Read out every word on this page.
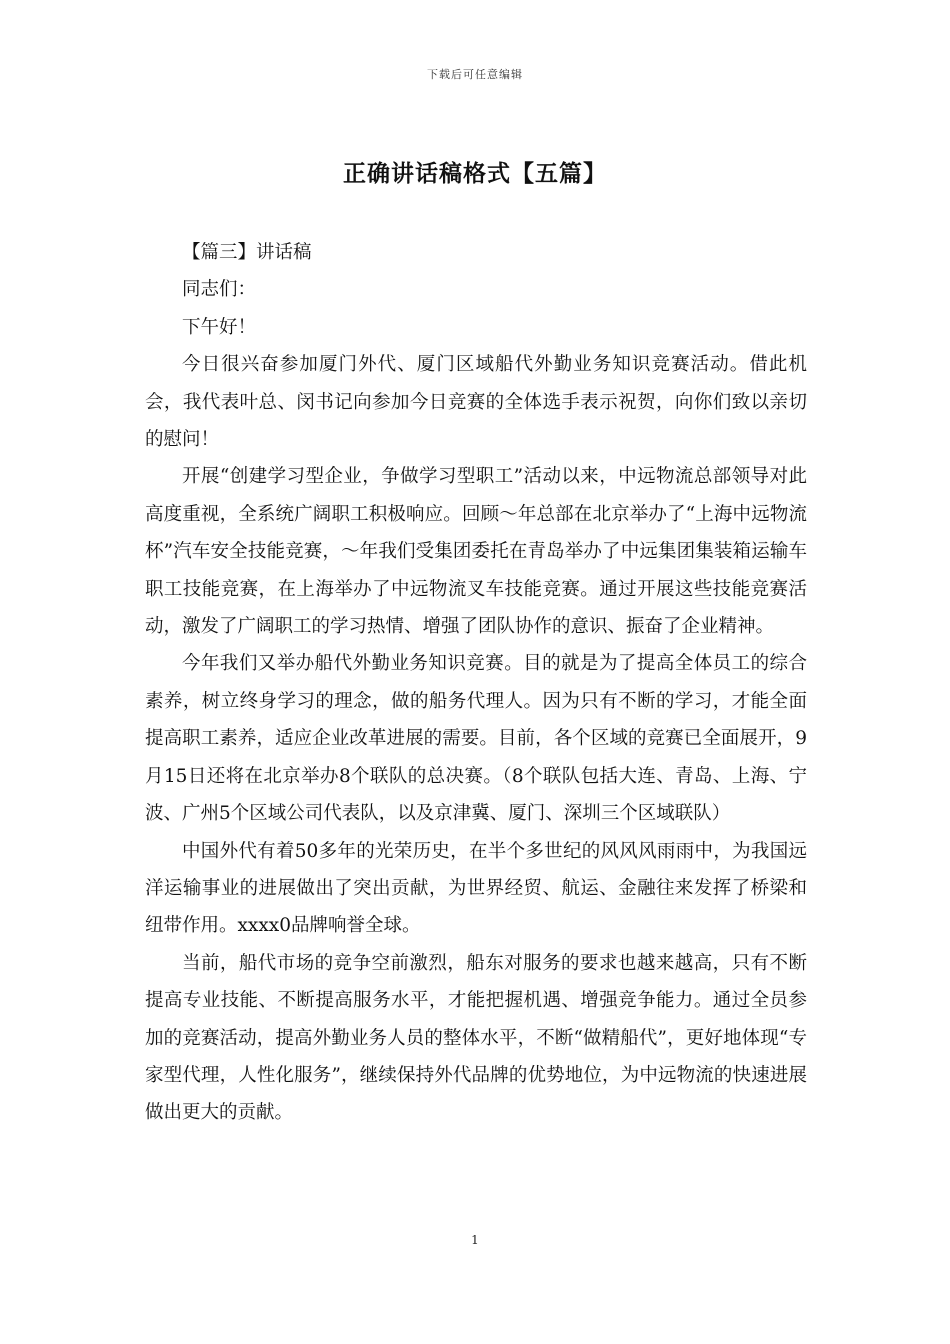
下载后可任意编辑
正确讲话稿格式【五篇】

【篇三】讲话稿

同志们：

下午好！

今日很兴奋参加厦门外代、厦门区域船代外勤业务知识竞赛活动。借此机会，我代表叶总、闵书记向参加今日竞赛的全体选手表示祝贺，向你们致以亲切的慰问！

开展“创建学习型企业，争做学习型职工”活动以来，中远物流总部领导对此高度重视，全系统广阔职工积极响应。回顾～年总部在北京举办了“上海中远物流杯”汽车安全技能竞赛，～年我们受集团委托在青岛举办了中远集团集装箱运输车职工技能竞赛，在上海举办了中远物流叉车技能竞赛。通过开展这些技能竞赛活动，激发了广阔职工的学习热情、增强了团队协作的意识、振奋了企业精神。

今年我们又举办船代外勤业务知识竞赛。目的就是为了提高全体员工的综合素养，树立终身学习的理念，做的船务代理人。因为只有不断的学习，才能全面提高职工素养，适应企业改革进展的需要。目前，各个区域的竞赛已全面展开，9月15日还将在北京举办8个联队的总决赛。（8个联队包括大连、青岛、上海、宁波、广州5个区域公司代表队，以及京津冀、厦门、深圳三个区域联队）

中国外代有着50多年的光荣历史，在半个多世纪的风风风雨雨中，为我国远洋运输事业的进展做出了突出贡献，为世界经贸、航运、金融往来发挥了桥梁和纽带作用。xxxx0品牌响誉全球。

当前，船代市场的竞争空前激烈，船东对服务的要求也越来越高，只有不断提高专业技能、不断提高服务水平，才能把握机遇、增强竞争能力。通过全员参加的竞赛活动，提高外勤业务人员的整体水平，不断“做精船代”，更好地体现“专家型代理，人性化服务”，继续保持外代品牌的优势地位，为中远物流的快速进展做出更大的贡献。

1
